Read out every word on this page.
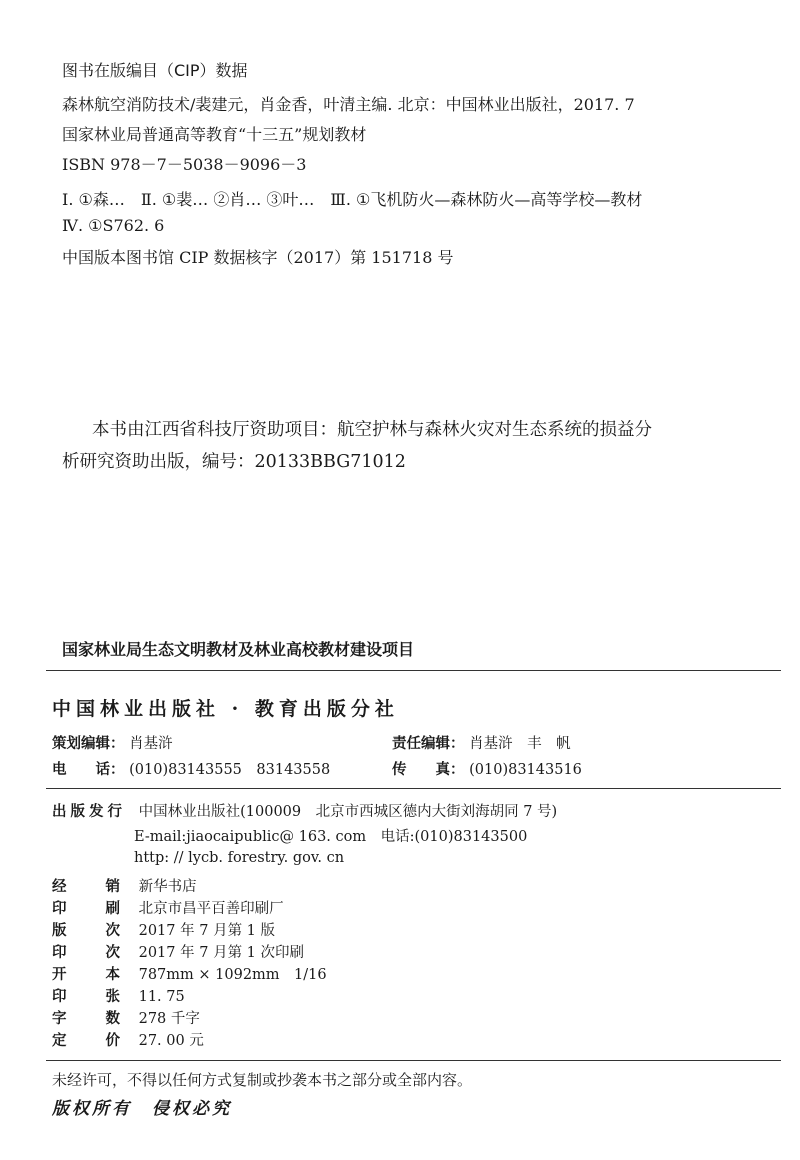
图书在版编目（CIP）数据
森林航空消防技术/裴建元，肖金香，叶清主编. 北京：中国林业出版社，2017. 7
国家林业局普通高等教育“十三五”规划教材
ISBN 978－7－5038－9096－3
Ⅰ. ①森…　Ⅱ. ①裴… ②肖… ③叶…　Ⅲ. ①飞机防火—森林防火—高等学校—教材
Ⅳ. ①S762. 6
中国版本图书馆 CIP 数据核字（2017）第 151718 号

本书由江西省科技厅资助项目：航空护林与森林火灾对生态系统的损益分

析研究资助出版，编号：20133BBG71012
国家林业局生态文明教材及林业高校教材建设项目
中国林业出版社 · 教育出版分社
策划编辑： 肖基浒	责任编辑： 肖基浒　丰　帆
电　　话： (010)83143555　83143558	传　　真： (010)83143516
出版发行 中国林业出版社(100009　北京市西城区德内大街刘海胡同 7 号)
E-mail:jiaocaipublic@ 163. com　电话:(010)83143500
http: // lycb. forestry. gov. cn
经　　销 新华书店
印　　刷 北京市昌平百善印刷厂
版　　次 2017 年 7 月第 1 版
印　　次 2017 年 7 月第 1 次印刷
开　　本 787mm × 1092mm　1/16
印　　张 11. 75
字　　数 278 千字
定　　价 27. 00 元
未经许可，不得以任何方式复制或抄袭本书之部分或全部内容。
版权所有　侵权必究
